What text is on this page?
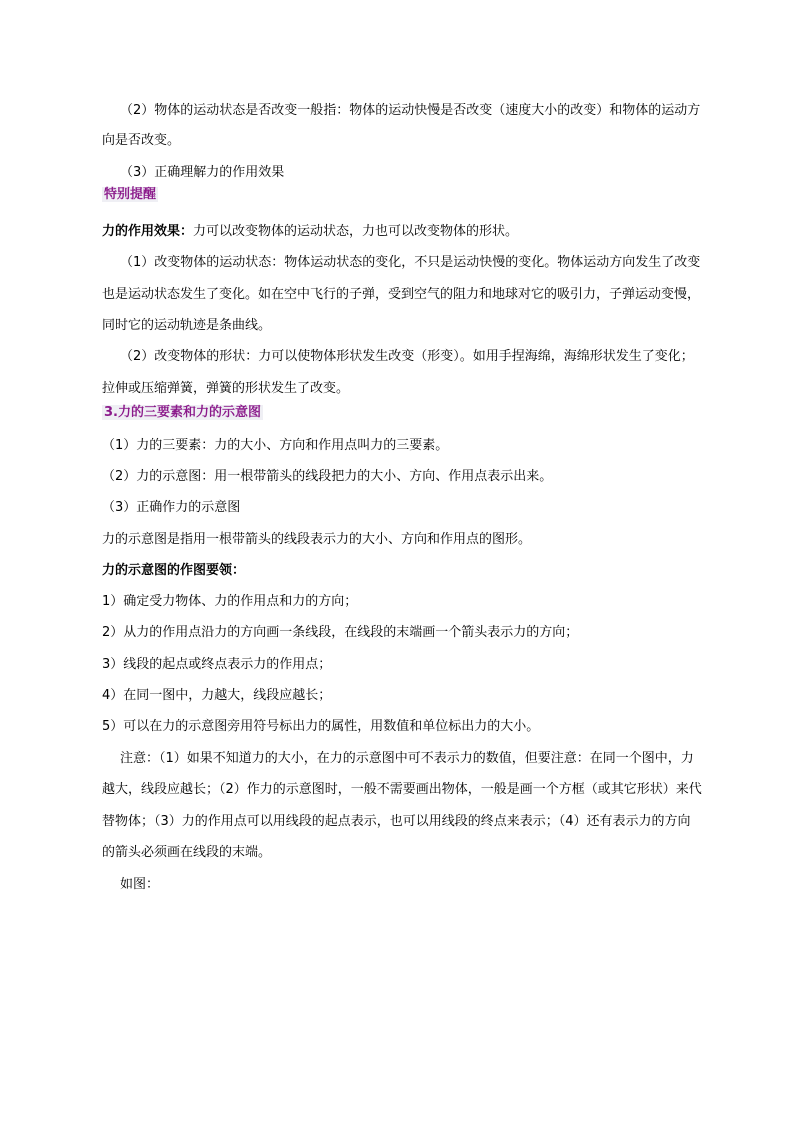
（2）物体的运动状态是否改变一般指：物体的运动快慢是否改变（速度大小的改变）和物体的运动方
向是否改变。
（3）正确理解力的作用效果
特别提醒
力的作用效果：力可以改变物体的运动状态，力也可以改变物体的形状。
（1）改变物体的运动状态：物体运动状态的变化，不只是运动快慢的变化。物体运动方向发生了改变
也是运动状态发生了变化。如在空中飞行的子弹，受到空气的阻力和地球对它的吸引力，子弹运动变慢，
同时它的运动轨迹是条曲线。
（2）改变物体的形状：力可以使物体形状发生改变（形变）。如用手捏海绵，海绵形状发生了变化；
拉伸或压缩弹簧，弹簧的形状发生了改变。
3.力的三要素和力的示意图
（1）力的三要素：力的大小、方向和作用点叫力的三要素。
（2）力的示意图：用一根带箭头的线段把力的大小、方向、作用点表示出来。
（3）正确作力的示意图
力的示意图是指用一根带箭头的线段表示力的大小、方向和作用点的图形。
力的示意图的作图要领：
1）确定受力物体、力的作用点和力的方向；
2）从力的作用点沿力的方向画一条线段，在线段的末端画一个箭头表示力的方向；
3）线段的起点或终点表示力的作用点；
4）在同一图中，力越大，线段应越长；
5）可以在力的示意图旁用符号标出力的属性，用数值和单位标出力的大小。
注意：（1）如果不知道力的大小，在力的示意图中可不表示力的数值，但要注意：在同一个图中，力
越大，线段应越长；（2）作力的示意图时，一般不需要画出物体，一般是画一个方框（或其它形状）来代
替物体；（3）力的作用点可以用线段的起点表示，也可以用线段的终点来表示；（4）还有表示力的方向
的箭头必须画在线段的末端。
如图：
